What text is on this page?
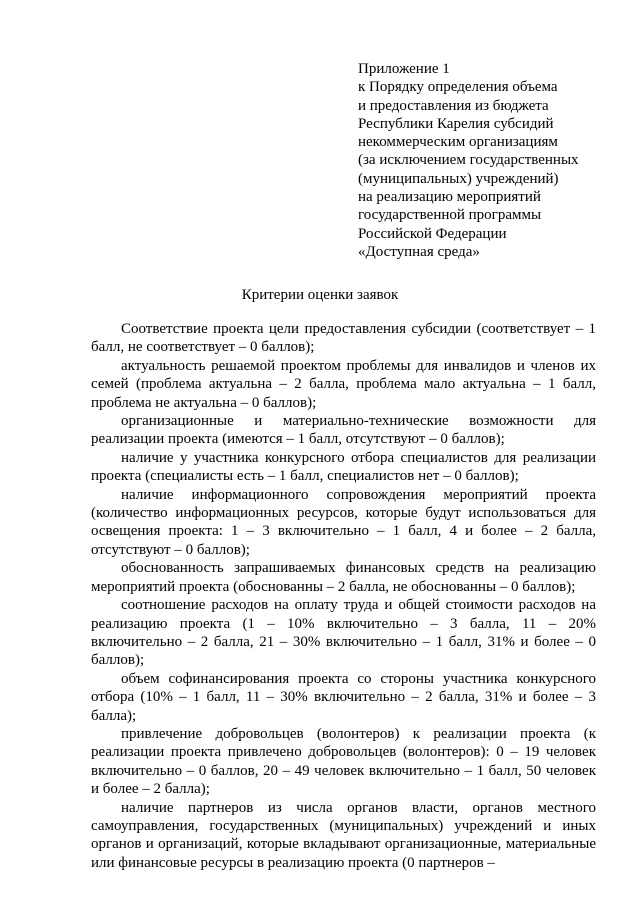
Приложение 1
к Порядку определения объема
и предоставления из бюджета
Республики Карелия субсидий
некоммерческим организациям
(за исключением государственных
(муниципальных) учреждений)
на реализацию мероприятий
государственной программы
Российской Федерации
«Доступная среда»
Критерии оценки заявок

Соответствие проекта цели предоставления субсидии (соответствует – 1 балл, не соответствует – 0 баллов);

актуальность решаемой проектом проблемы для инвалидов и членов их семей (проблема актуальна – 2 балла, проблема мало актуальна – 1 балл, проблема не актуальна – 0 баллов);

организационные и материально-технические возможности для реализации проекта (имеются – 1 балл, отсутствуют – 0 баллов);

наличие у участника конкурсного отбора специалистов для реализации проекта (специалисты есть – 1 балл, специалистов нет – 0 баллов);

наличие информационного сопровождения мероприятий проекта (количество информационных ресурсов, которые будут использоваться для освещения проекта: 1 – 3 включительно – 1 балл, 4 и более – 2 балла, отсутствуют – 0 баллов);

обоснованность запрашиваемых финансовых средств на реализацию мероприятий проекта (обоснованны – 2 балла, не обоснованны – 0 баллов);

соотношение расходов на оплату труда и общей стоимости расходов на реализацию проекта (1 – 10% включительно – 3 балла, 11 – 20% включительно – 2 балла, 21 – 30% включительно – 1 балл, 31% и более – 0 баллов);

объем софинансирования проекта со стороны участника конкурсного отбора (10% – 1 балл, 11 – 30% включительно – 2 балла, 31% и более – 3 балла);

привлечение добровольцев (волонтеров) к реализации проекта (к реализации проекта привлечено добровольцев (волонтеров): 0 – 19 человек включительно – 0 баллов, 20 – 49 человек включительно – 1 балл, 50 человек и более – 2 балла);

наличие партнеров из числа органов власти, органов местного самоуправления, государственных (муниципальных) учреждений и иных органов и организаций, которые вкладывают организационные, материальные или финансовые ресурсы в реализацию проекта (0 партнеров –
